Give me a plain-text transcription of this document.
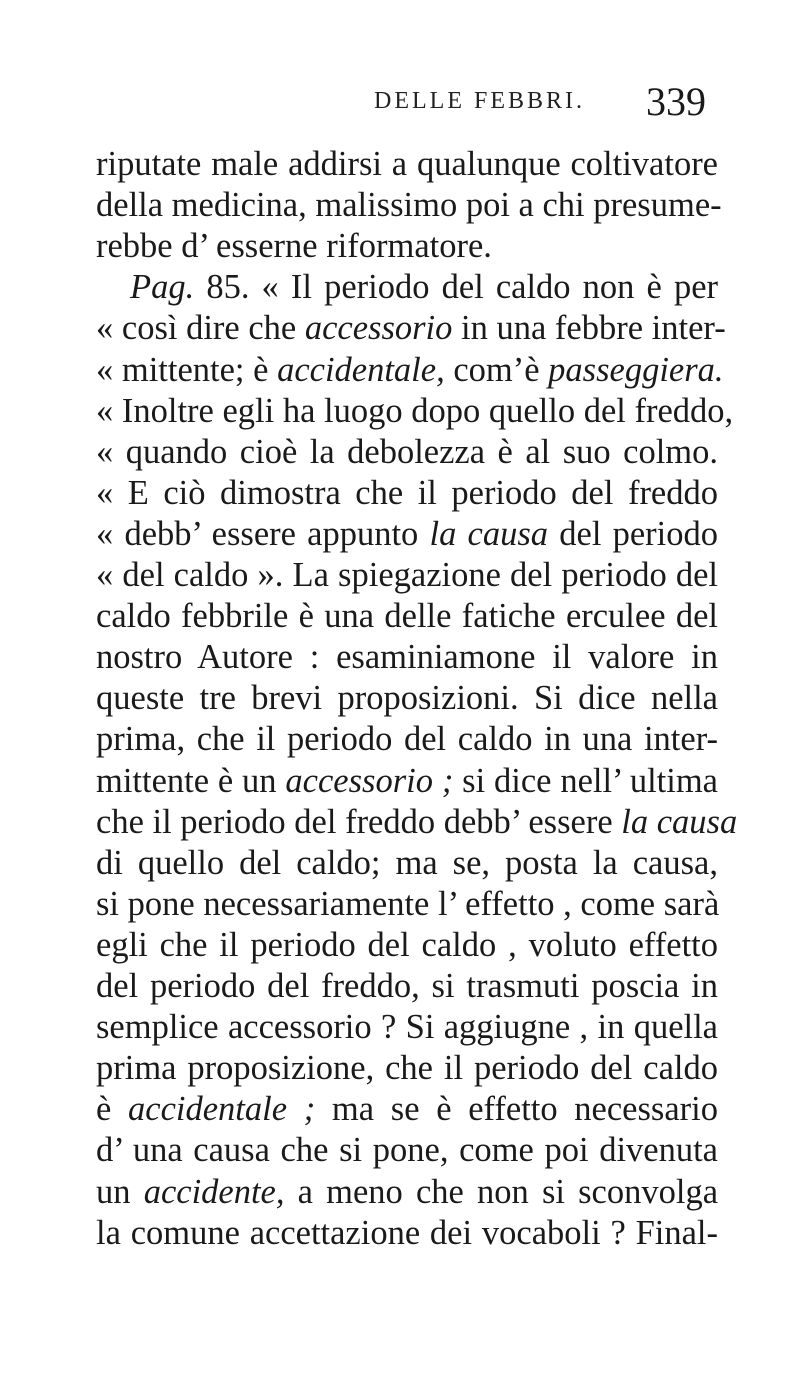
DELLE FEBBRI. 339
riputate male addirsi a qualunque coltivatore
della medicina, malissimo poi a chi presume-
rebbe d’ esserne riformatore.
Pag. 85. « Il periodo del caldo non è per
« così dire che accessorio in una febbre inter-
« mittente; è accidentale, com’è passeggiera.
« Inoltre egli ha luogo dopo quello del freddo,
« quando cioè la debolezza è al suo colmo.
« E ciò dimostra che il periodo del freddo
« debb’ essere appunto la causa del periodo
« del caldo ». La spiegazione del periodo del
caldo febbrile è una delle fatiche erculee del
nostro Autore : esaminiamone il valore in
queste tre brevi proposizioni. Si dice nella
prima, che il periodo del caldo in una inter-
mittente è un accessorio ; si dice nell’ ultima
che il periodo del freddo debb’ essere la causa
di quello del caldo; ma se, posta la causa,
si pone necessariamente l’ effetto , come sarà
egli che il periodo del caldo , voluto effetto
del periodo del freddo, si trasmuti poscia in
semplice accessorio ? Si aggiugne , in quella
prima proposizione, che il periodo del caldo
è accidentale ; ma se è effetto necessario
d’ una causa che si pone, come poi divenuta
un accidente, a meno che non si sconvolga
la comune accettazione dei vocaboli ? Final-
